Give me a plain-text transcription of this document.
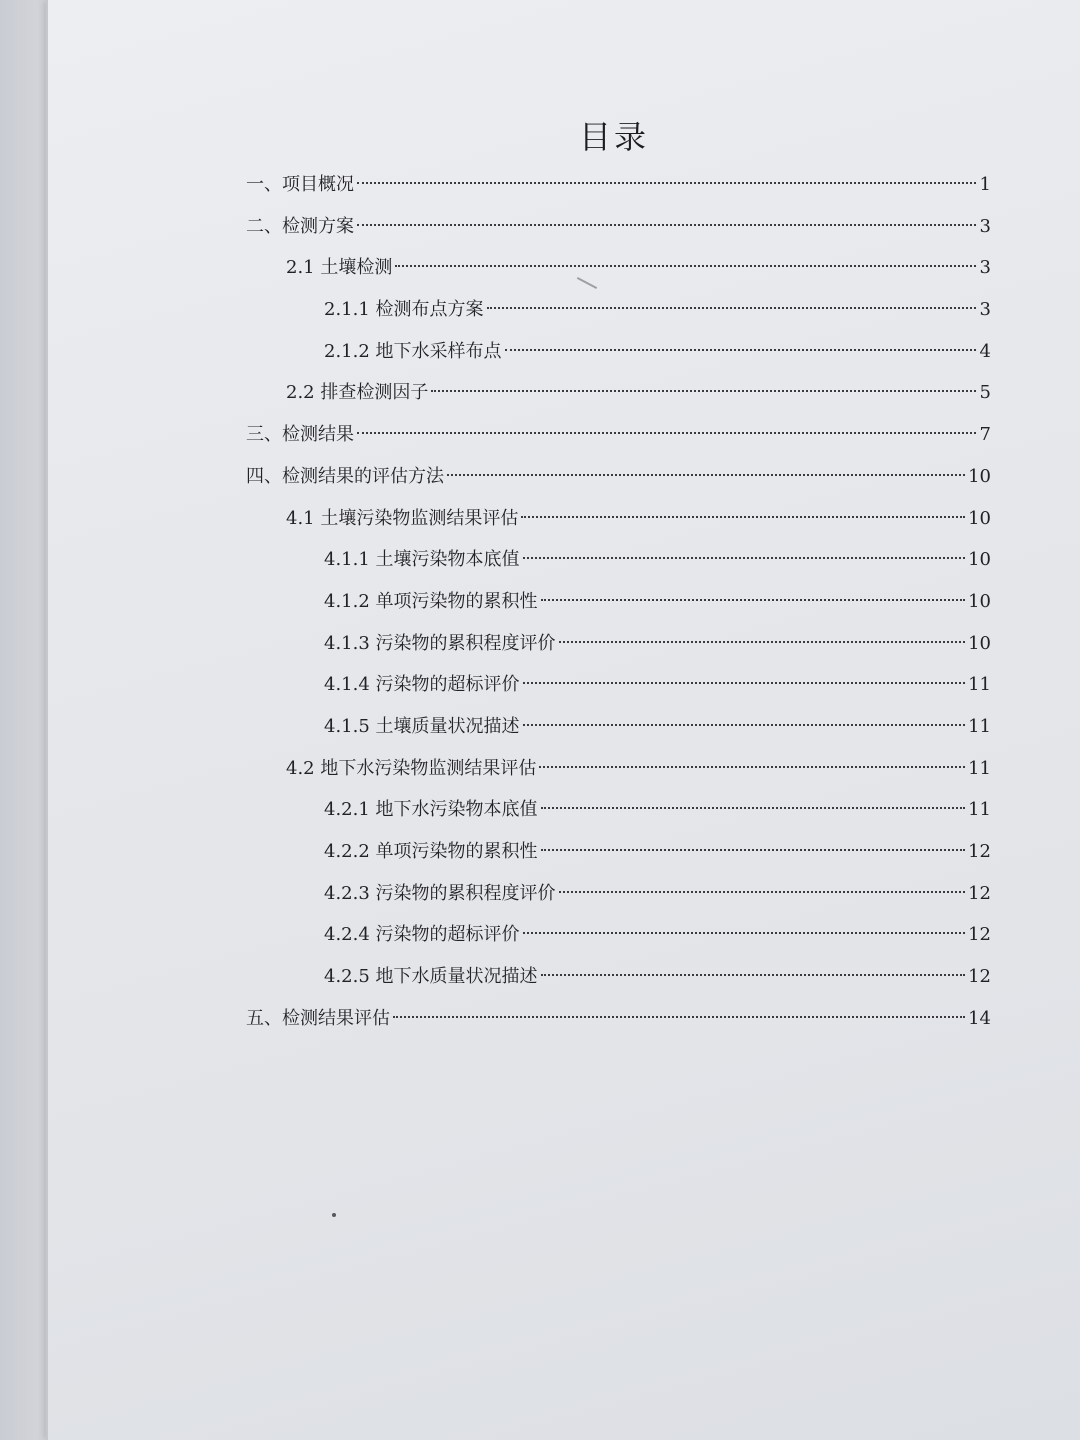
目录
一、项目概况	1
二、检测方案	3
2.1 土壤检测	3
2.1.1 检测布点方案	3
2.1.2 地下水采样布点	4
2.2 排查检测因子	5
三、检测结果	7
四、检测结果的评估方法	10
4.1 土壤污染物监测结果评估	10
4.1.1 土壤污染物本底值	10
4.1.2 单项污染物的累积性	10
4.1.3 污染物的累积程度评价	10
4.1.4 污染物的超标评价	11
4.1.5 土壤质量状况描述	11
4.2 地下水污染物监测结果评估	11
4.2.1 地下水污染物本底值	11
4.2.2 单项污染物的累积性	12
4.2.3 污染物的累积程度评价	12
4.2.4 污染物的超标评价	12
4.2.5 地下水质量状况描述	12
五、检测结果评估	14
